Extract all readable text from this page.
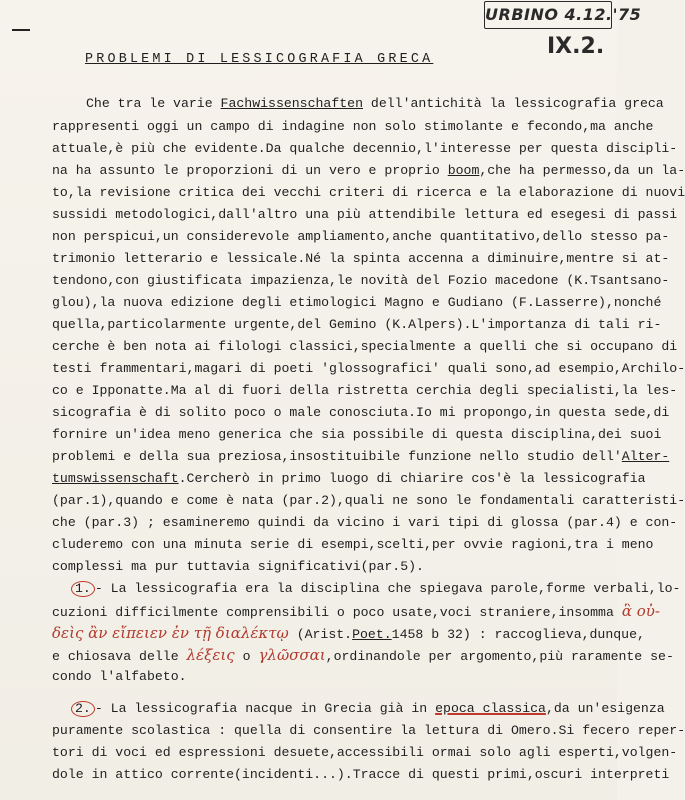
URBINO 4.12.'75
IX.2.
PROBLEMI DI LESSICOGRAFIA GRECA
Che tra le varie Fachwissenschaften dell'antichità la lessicografia greca
rappresenti oggi un campo di indagine non solo stimolante e fecondo,ma anche
attuale,è più che evidente.Da qualche decennio,l'interesse per questa discipli-
na ha assunto le proporzioni di un vero e proprio boom,che ha permesso,da un la-
to,la revisione critica dei vecchi criteri di ricerca e la elaborazione di nuovi
sussidi metodologici,dall'altro una più attendibile lettura ed esegesi di passi
non perspicui,un considerevole ampliamento,anche quantitativo,dello stesso pa-
trimonio letterario e lessicale.Né la spinta accenna a diminuire,mentre si at-
tendono,con giustificata impazienza,le novità del Fozio macedone (K.Tsantsano-
glou),la nuova edizione degli etimologici Magno e Gudiano (F.Lasserre),nonché
quella,particolarmente urgente,del Gemino (K.Alpers).L'importanza di tali ri-
cerche è ben nota ai filologi classici,specialmente a quelli che si occupano di
testi frammentari,magari di poeti 'glossografici' quali sono,ad esempio,Archilo-
co e Ipponatte.Ma al di fuori della ristretta cerchia degli specialisti,la les-
sicografia è di solito poco o male conosciuta.Io mi propongo,in questa sede,di
fornire un'idea meno generica che sia possibile di questa disciplina,dei suoi
problemi e della sua preziosa,insostituibile funzione nello studio dell'Alter-
tumswissenschaft.Cercherò in primo luogo di chiarire cos'è la lessicografia
(par.1),quando e come è nata (par.2),quali ne sono le fondamentali caratteristi-
che (par.3) ; esamineremo quindi da vicino i vari tipi di glossa (par.4) e con-
cluderemo con una minuta serie di esempi,scelti,per ovvie ragioni,tra i meno
complessi ma pur tuttavia significativi(par.5).
1. - La lessicografia era la disciplina che spiegava parole,forme verbali,lo-
cuzioni difficilmente comprensibili o poco usate,voci straniere,insomma ἃ οὐ-
δεὶς ἂν εἴπειεν ἐν τῇ διαλέκτῳ (Arist.Poet.1458 b 32) : raccoglieva,dunque,
e chiosava delle λέξεις o γλῶσσαι,ordinandole per argomento,più raramente se-
condo l'alfabeto.
2. - La lessicografia nacque in Grecia già in epoca classica,da un'esigenza
puramente scolastica : quella di consentire la lettura di Omero.Si fecero reper-
tori di voci ed espressioni desuete,accessibili ormai solo agli esperti,volgen-
dole in attico corrente(incidenti...).Tracce di questi primi,oscuri interpreti
